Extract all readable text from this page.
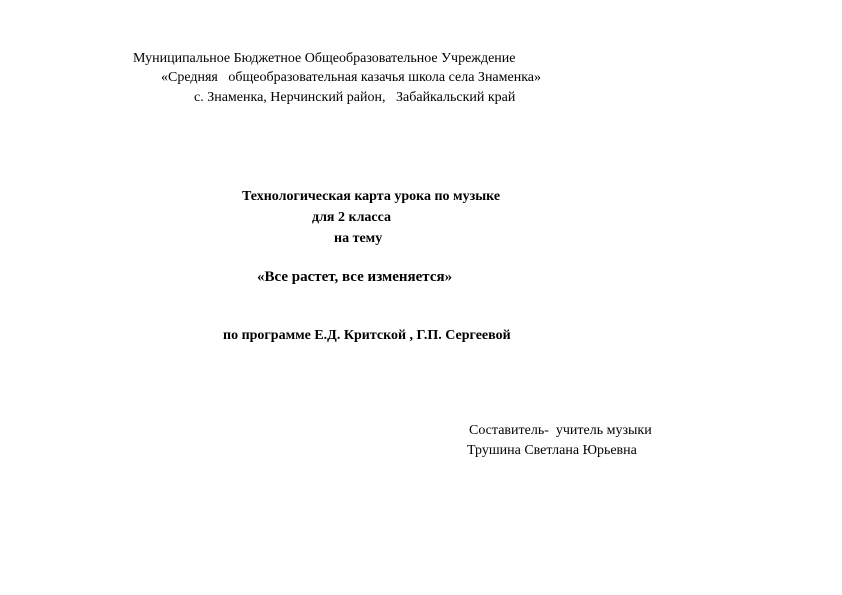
Муниципальное Бюджетное Общеобразовательное Учреждение
«Средняя   общеобразовательная казачья школа села Знаменка»
с. Знаменка, Нерчинский район,   Забайкальский край
Технологическая карта урока по музыке
для 2 класса
на тему
«Все растет, все изменяется»
по программе Е.Д. Критской , Г.П. Сергеевой
Составитель-  учитель музыки
Трушина Светлана Юрьевна
